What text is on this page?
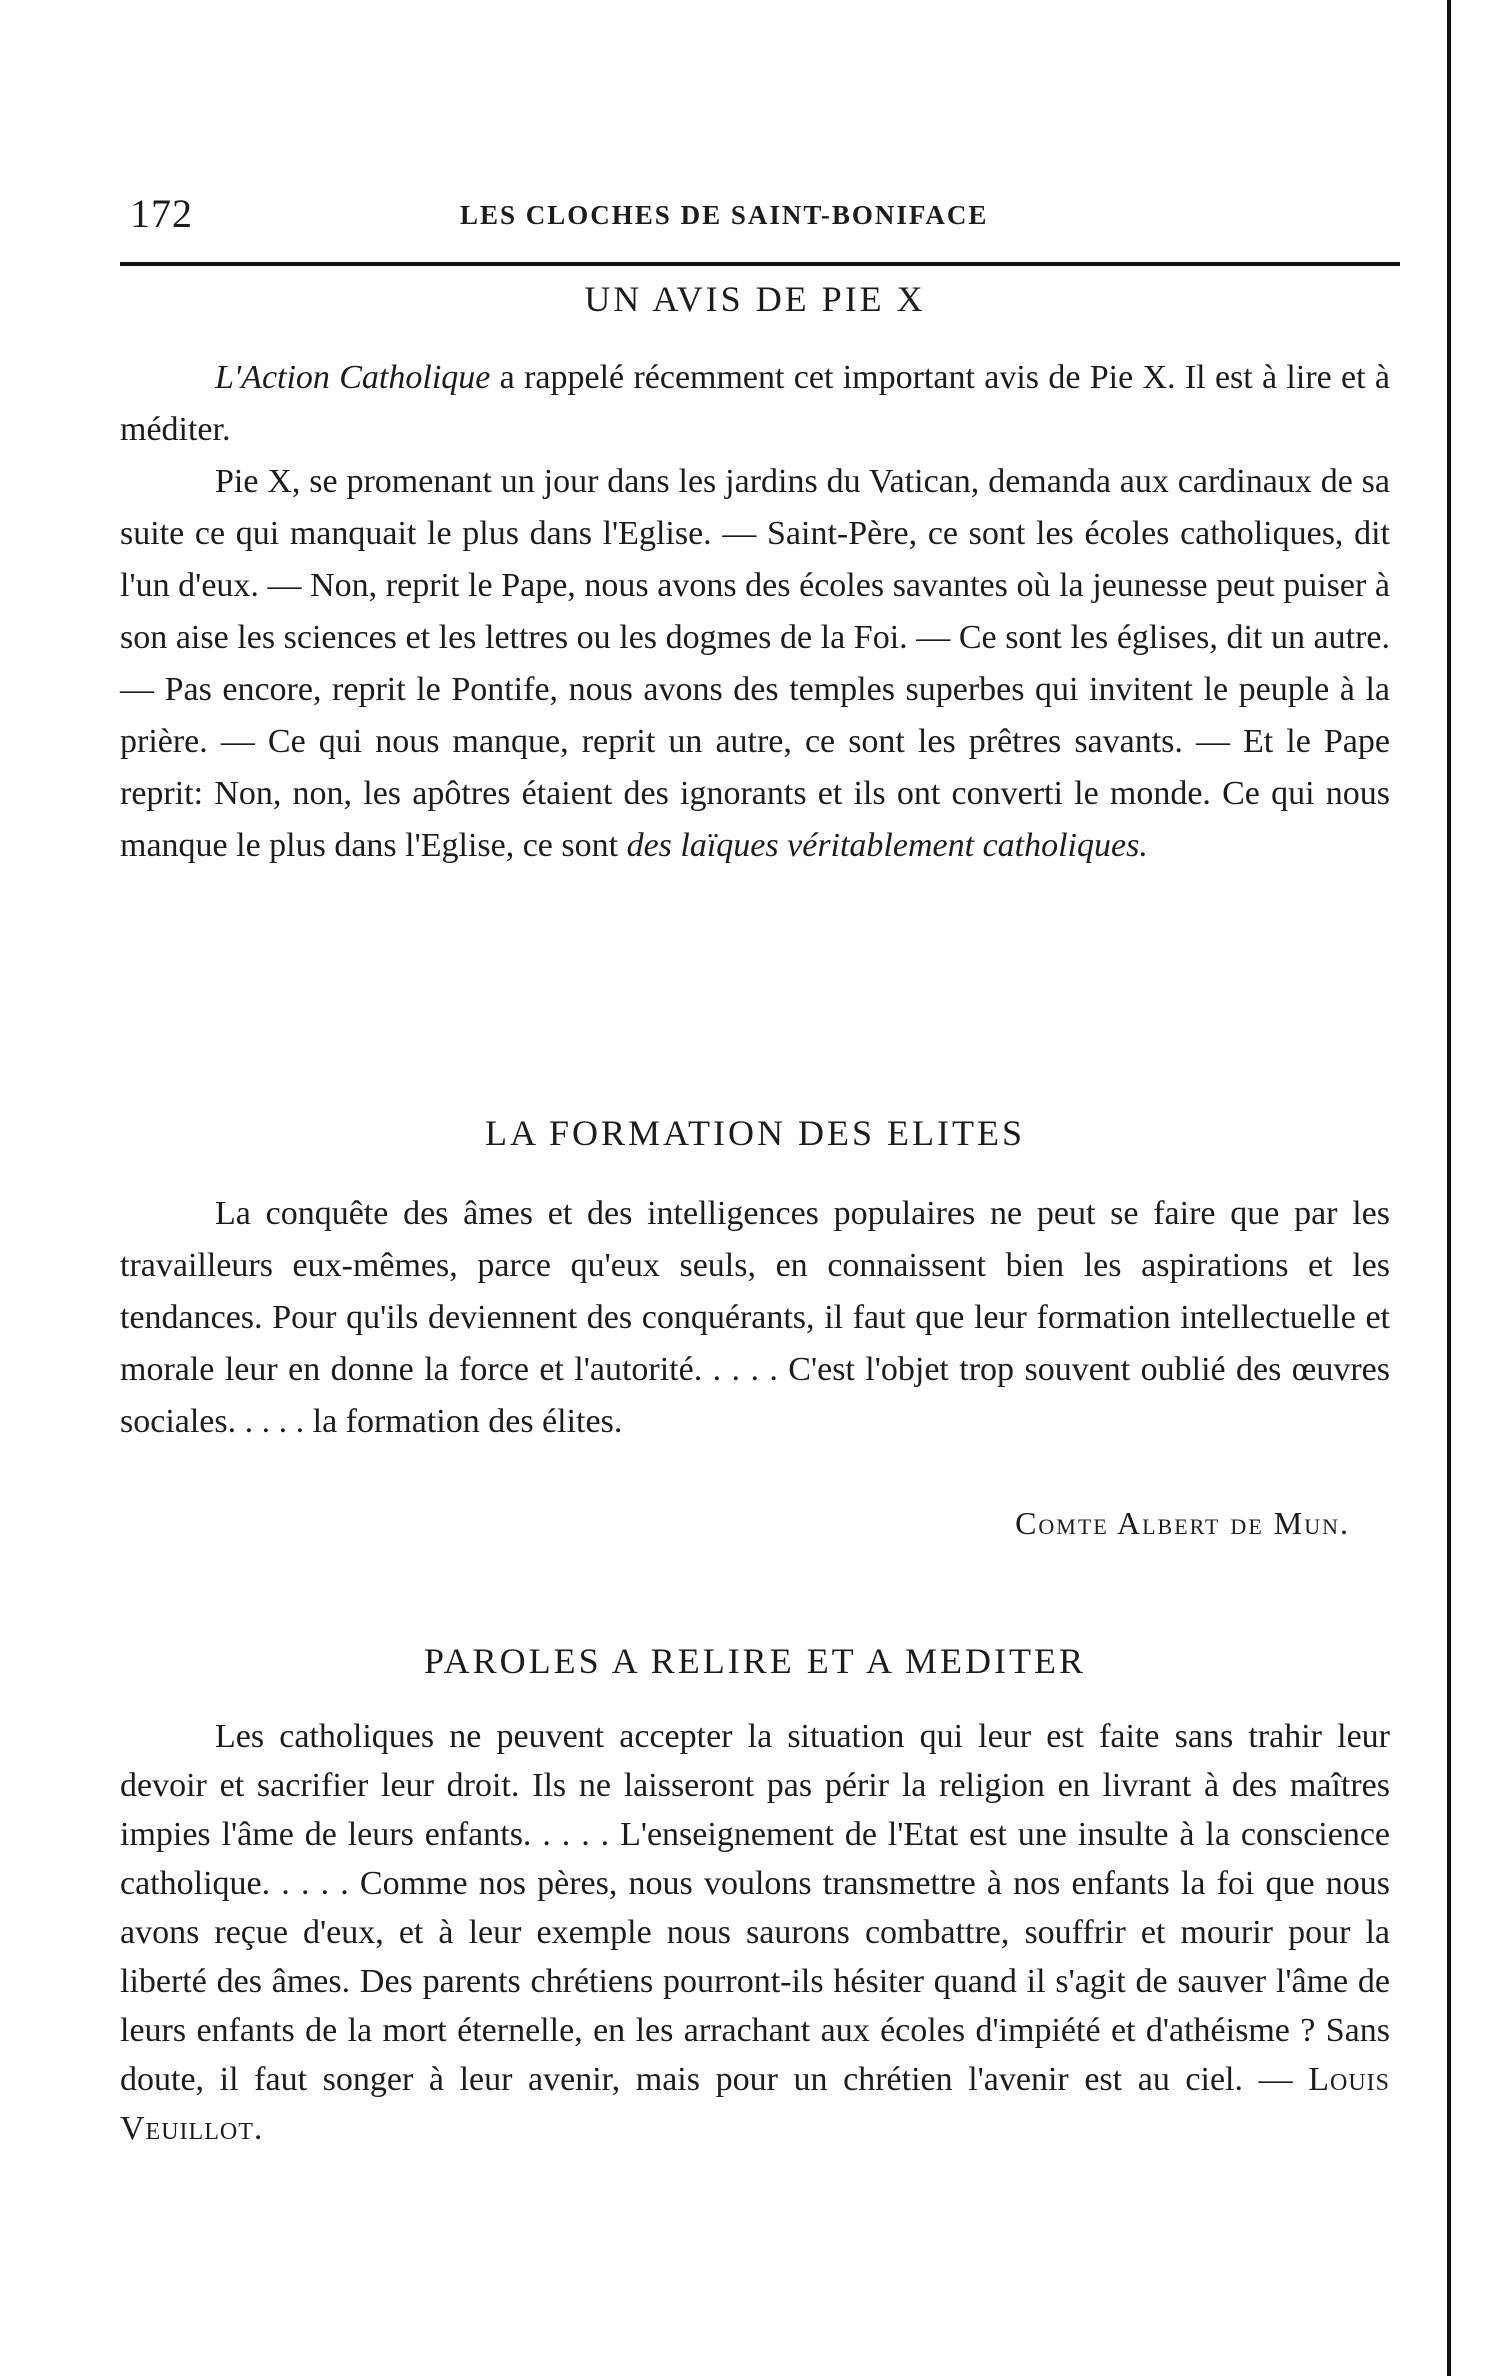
172	LES CLOCHES DE SAINT-BONIFACE
UN AVIS DE PIE X

L'Action Catholique a rappelé récemment cet important avis de Pie X. Il est à lire et à méditer.

Pie X, se promenant un jour dans les jardins du Vatican, demanda aux cardinaux de sa suite ce qui manquait le plus dans l'Eglise. — Saint-Père, ce sont les écoles catholiques, dit l'un d'eux. — Non, reprit le Pape, nous avons des écoles savantes où la jeunesse peut puiser à son aise les sciences et les lettres ou les dogmes de la Foi. — Ce sont les églises, dit un autre. — Pas encore, reprit le Pontife, nous avons des temples superbes qui invitent le peuple à la prière. — Ce qui nous manque, reprit un autre, ce sont les prêtres savants. — Et le Pape reprit: Non, non, les apôtres étaient des ignorants et ils ont converti le monde. Ce qui nous manque le plus dans l'Eglise, ce sont des laïques véritablement catholiques.

LA FORMATION DES ELITES

La conquête des âmes et des intelligences populaires ne peut se faire que par les travailleurs eux-mêmes, parce qu'eux seuls, en connaissent bien les aspirations et les tendances. Pour qu'ils deviennent des conquérants, il faut que leur formation intellectuelle et morale leur en donne la force et l'autorité. . . . . C'est l'objet trop souvent oublié des œuvres sociales. . . . . la formation des élites.

Comte Albert de Mun.
PAROLES A RELIRE ET A MEDITER

Les catholiques ne peuvent accepter la situation qui leur est faite sans trahir leur devoir et sacrifier leur droit. Ils ne laisseront pas périr la religion en livrant à des maîtres impies l'âme de leurs enfants. . . . . L'enseignement de l'Etat est une insulte à la conscience catholique. . . . . Comme nos pères, nous voulons transmettre à nos enfants la foi que nous avons reçue d'eux, et à leur exemple nous saurons combattre, souffrir et mourir pour la liberté des âmes. Des parents chrétiens pourront-ils hésiter quand il s'agit de sauver l'âme de leurs enfants de la mort éternelle, en les arrachant aux écoles d'impiété et d'athéisme ? Sans doute, il faut songer à leur avenir, mais pour un chrétien l'avenir est au ciel. — Louis Veuillot.
